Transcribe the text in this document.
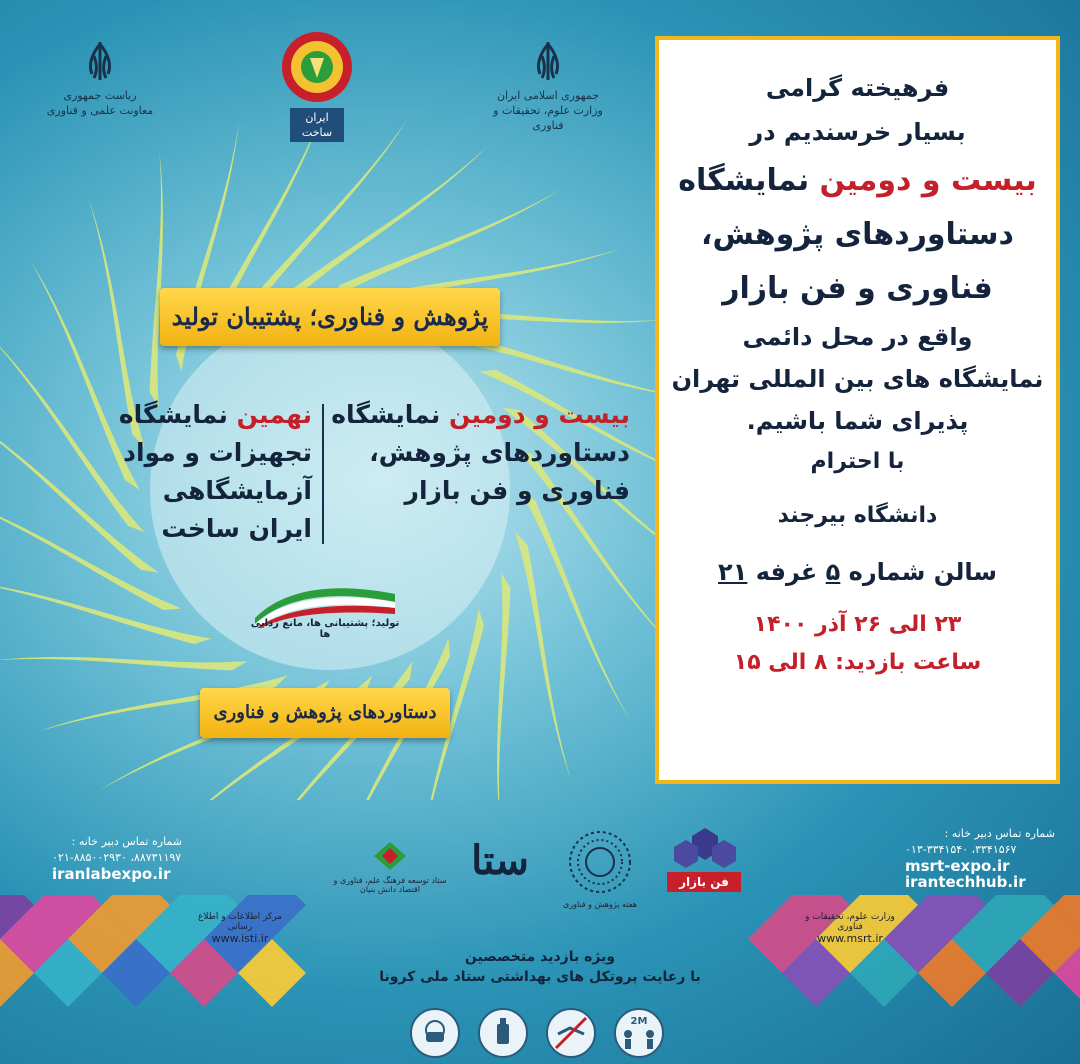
ریاست جمهوری
معاونت علمی و فناوری
ایران ساخت
جمهوری اسلامی ایران
وزارت علوم، تحقیقات و فناوری
پژوهش و فناوری؛ پشتیبان تولید
بیست و دومین نمایشگاه
دستاوردهای پژوهش،
فناوری و فن بازار
نهمین نمایشگاه
تجهیزات و مواد آزمایشگاهی
ایران ساخت
تولید؛ پشتیبانی ها، مانع زدایی ها
دستاوردهای پژوهش و فناوری

فرهیخته گرامی

بسیار خرسندیم در

بیست و دومین نمایشگاه

دستاوردهای پژوهش،

فناوری و فن بازار

واقع در محل دائمی

نمایشگاه های بین المللی تهران

پذیرای شما باشیم.

با احترام

دانشگاه بیرجند

سالن شماره ۵ غرفه ۲۱

۲۳ الی ۲۶ آذر ۱۴۰۰

ساعت بازدید: ۸ الی ۱۵

شماره تماس دبیر خانه :
۰۲۱-۸۸۵۰۰۲۹۳۰ ،۸۸۷۳۱۱۹۷
iranlabexpo.ir
شماره تماس دبیر خانه :
۰۱۳-۳۳۴۱۵۴۰ ،۳۳۴۱۵۶۷
msrt-expo.ir
irantechhub.ir

ستاد توسعه فرهنگ علم، فناوری و اقتصاد دانش بنیان
ستا

هفته پژوهش و فناوری
فن بازار
مرکز اطلاعات و اطلاع رسانی
www.isti.ir
وزارت علوم، تحقیقات و فناوری
www.msrt.ir
ویژه بازدید متخصصین
با رعایت پروتکل های بهداشتی ستاد ملی کرونا
2M
